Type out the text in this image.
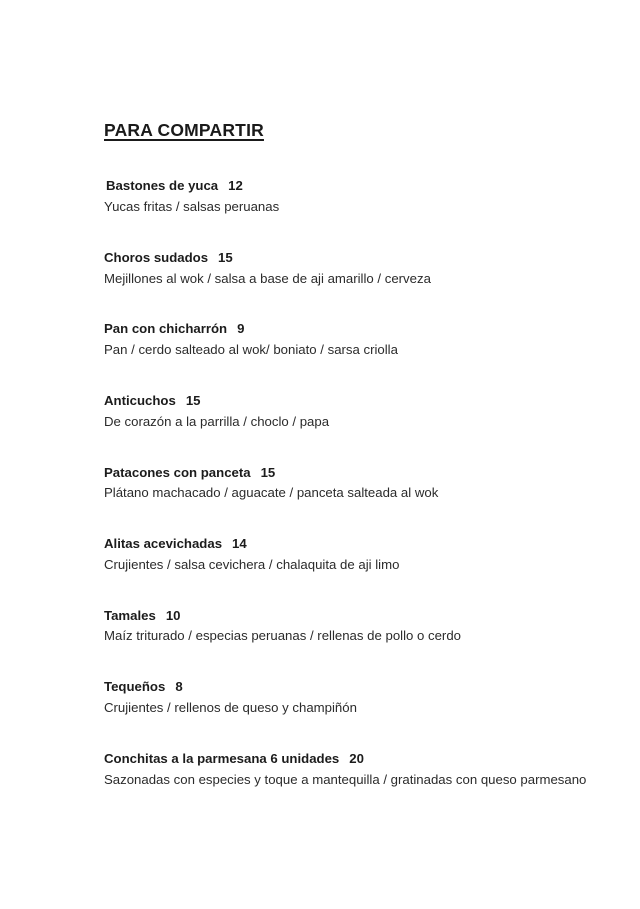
PARA COMPARTIR
Bastones de yuca 12
Yucas fritas / salsas peruanas
Choros sudados 15
Mejillones al wok / salsa a base de aji amarillo / cerveza
Pan con chicharrón 9
Pan / cerdo salteado al wok/ boniato / sarsa criolla
Anticuchos 15
De corazón a la parrilla / choclo / papa
Patacones con panceta 15
Plátano machacado / aguacate / panceta salteada al wok
Alitas acevichadas 14
Crujientes / salsa cevichera / chalaquita de aji limo
Tamales 10
Maíz triturado / especias peruanas / rellenas de pollo o cerdo
Tequeños 8
Crujientes / rellenos de queso y champiñón
Conchitas a la parmesana 6 unidades 20
Sazonadas con especies y toque a mantequilla / gratinadas con queso parmesano
